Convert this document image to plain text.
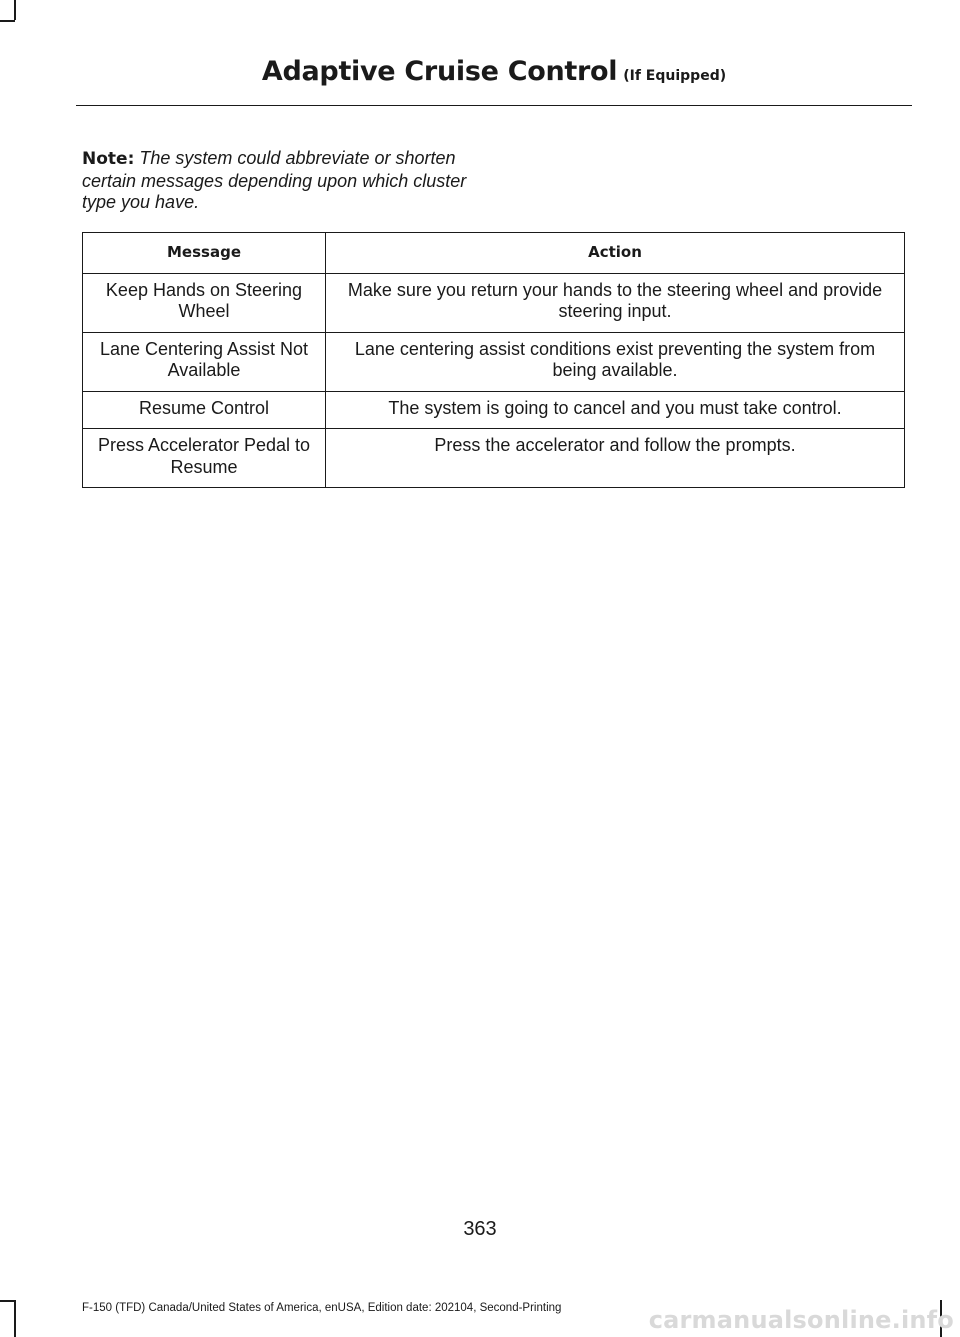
Adaptive Cruise Control (If Equipped)
Note: The system could abbreviate or shorten certain messages depending upon which cluster type you have.
Message	Action
Keep Hands on Steering Wheel	Make sure you return your hands to the steering wheel and provide steering input.
Lane Centering Assist Not Available	Lane centering assist conditions exist preventing the system from being available.
Resume Control	The system is going to cancel and you must take control.
Press Accelerator Pedal to Resume	Press the accelerator and follow the prompts.
363
F-150 (TFD) Canada/United States of America, enUSA, Edition date: 202104, Second-Printing	carmanualsonline.info
